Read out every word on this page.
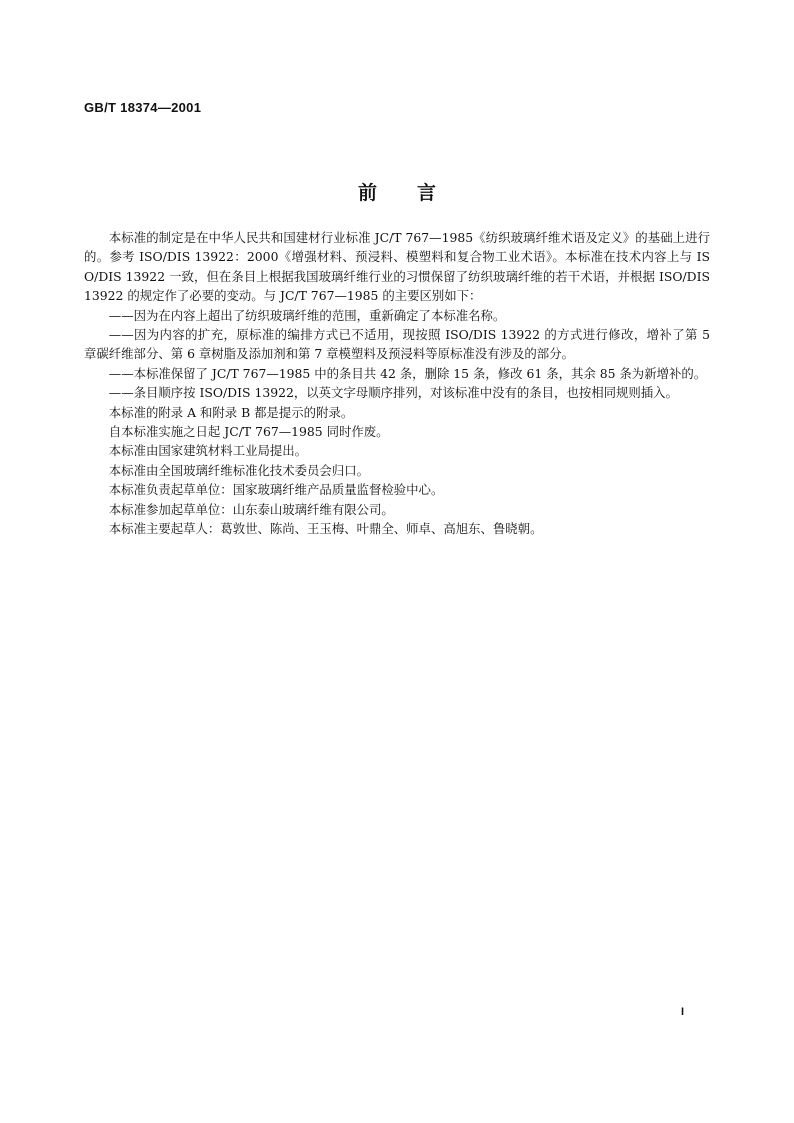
GB/T 18374—2001
前言

本标准的制定是在中华人民共和国建材行业标准 JC/T 767—1985《纺织玻璃纤维术语及定义》的基础上进行的。参考 ISO/DIS 13922：2000《增强材料、预浸料、模塑料和复合物工业术语》。本标准在技术内容上与 ISO/DIS 13922 一致，但在条目上根据我国玻璃纤维行业的习惯保留了纺织玻璃纤维的若干术语，并根据 ISO/DIS 13922 的规定作了必要的变动。与 JC/T 767—1985 的主要区别如下：

——因为在内容上超出了纺织玻璃纤维的范围，重新确定了本标准名称。

——因为内容的扩充，原标准的编排方式已不适用，现按照 ISO/DIS 13922 的方式进行修改，增补了第 5 章碳纤维部分、第 6 章树脂及添加剂和第 7 章模塑料及预浸料等原标准没有涉及的部分。

——本标准保留了 JC/T 767—1985 中的条目共 42 条，删除 15 条，修改 61 条，其余 85 条为新增补的。

——条目顺序按 ISO/DIS 13922，以英文字母顺序排列，对该标准中没有的条目，也按相同规则插入。

本标准的附录 A 和附录 B 都是提示的附录。

自本标准实施之日起 JC/T 767—1985 同时作废。

本标准由国家建筑材料工业局提出。

本标准由全国玻璃纤维标准化技术委员会归口。

本标准负责起草单位：国家玻璃纤维产品质量监督检验中心。

本标准参加起草单位：山东泰山玻璃纤维有限公司。

本标准主要起草人：葛敦世、陈尚、王玉梅、叶鼎全、师卓、高旭东、鲁晓朝。

I
